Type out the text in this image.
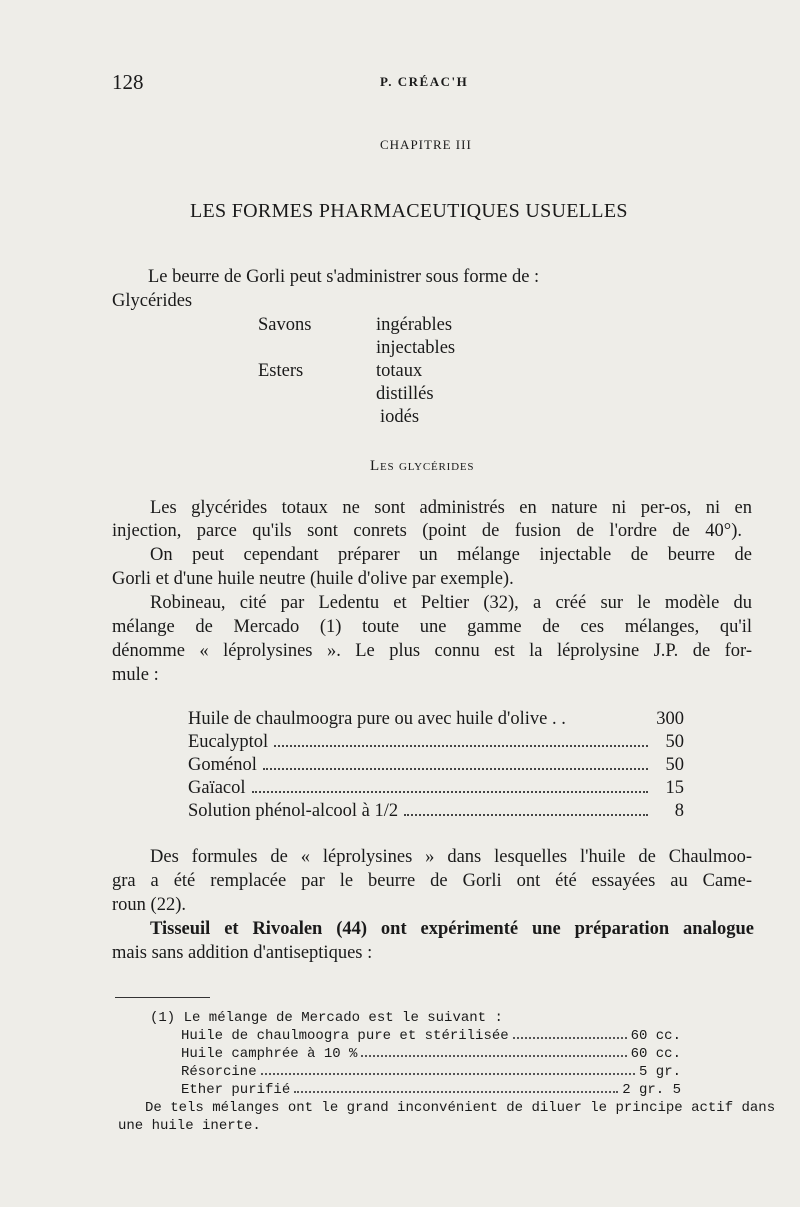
128	P. CRÉAC'H
CHAPITRE III
LES FORMES PHARMACEUTIQUES USUELLES
Le beurre de Gorli peut s'administrer sous forme de :
Glycérides
Savons	ingérables
injectables
Esters	totaux
distillés
iodés
Les glycérides
Les glycérides totaux ne sont administrés en nature ni per-os, ni en
injection, parce qu'ils sont conrets (point de fusion de l'ordre de 40°).
On peut cependant préparer un mélange injectable de beurre de
Gorli et d'une huile neutre (huile d'olive par exemple).
Robineau, cité par Ledentu et Peltier (32), a créé sur le modèle du
mélange de Mercado (1) toute une gamme de ces mélanges, qu'il
dénomme « léprolysines ». Le plus connu est la léprolysine J.P. de for-
mule :
Huile de chaulmoogra pure ou avec huile d'olive . .	300
Eucalyptol	50
Goménol	50
Gaïacol	15
Solution phénol-alcool à 1/2	8
Des formules de « léprolysines » dans lesquelles l'huile de Chaulmoo-
gra a été remplacée par le beurre de Gorli ont été essayées au Came-
roun (22).
Tisseuil et Rivoalen (44) ont expérimenté une préparation analogue
mais sans addition d'antiseptiques :
(1) Le mélange de Mercado est le suivant :
Huile de chaulmoogra pure et stérilisée	60 cc.
Huile camphrée à 10 %	60 cc.
Résorcine	5 gr.
Ether purifié	2 gr. 5
De tels mélanges ont le grand inconvénient de diluer le principe actif dans
une huile inerte.
